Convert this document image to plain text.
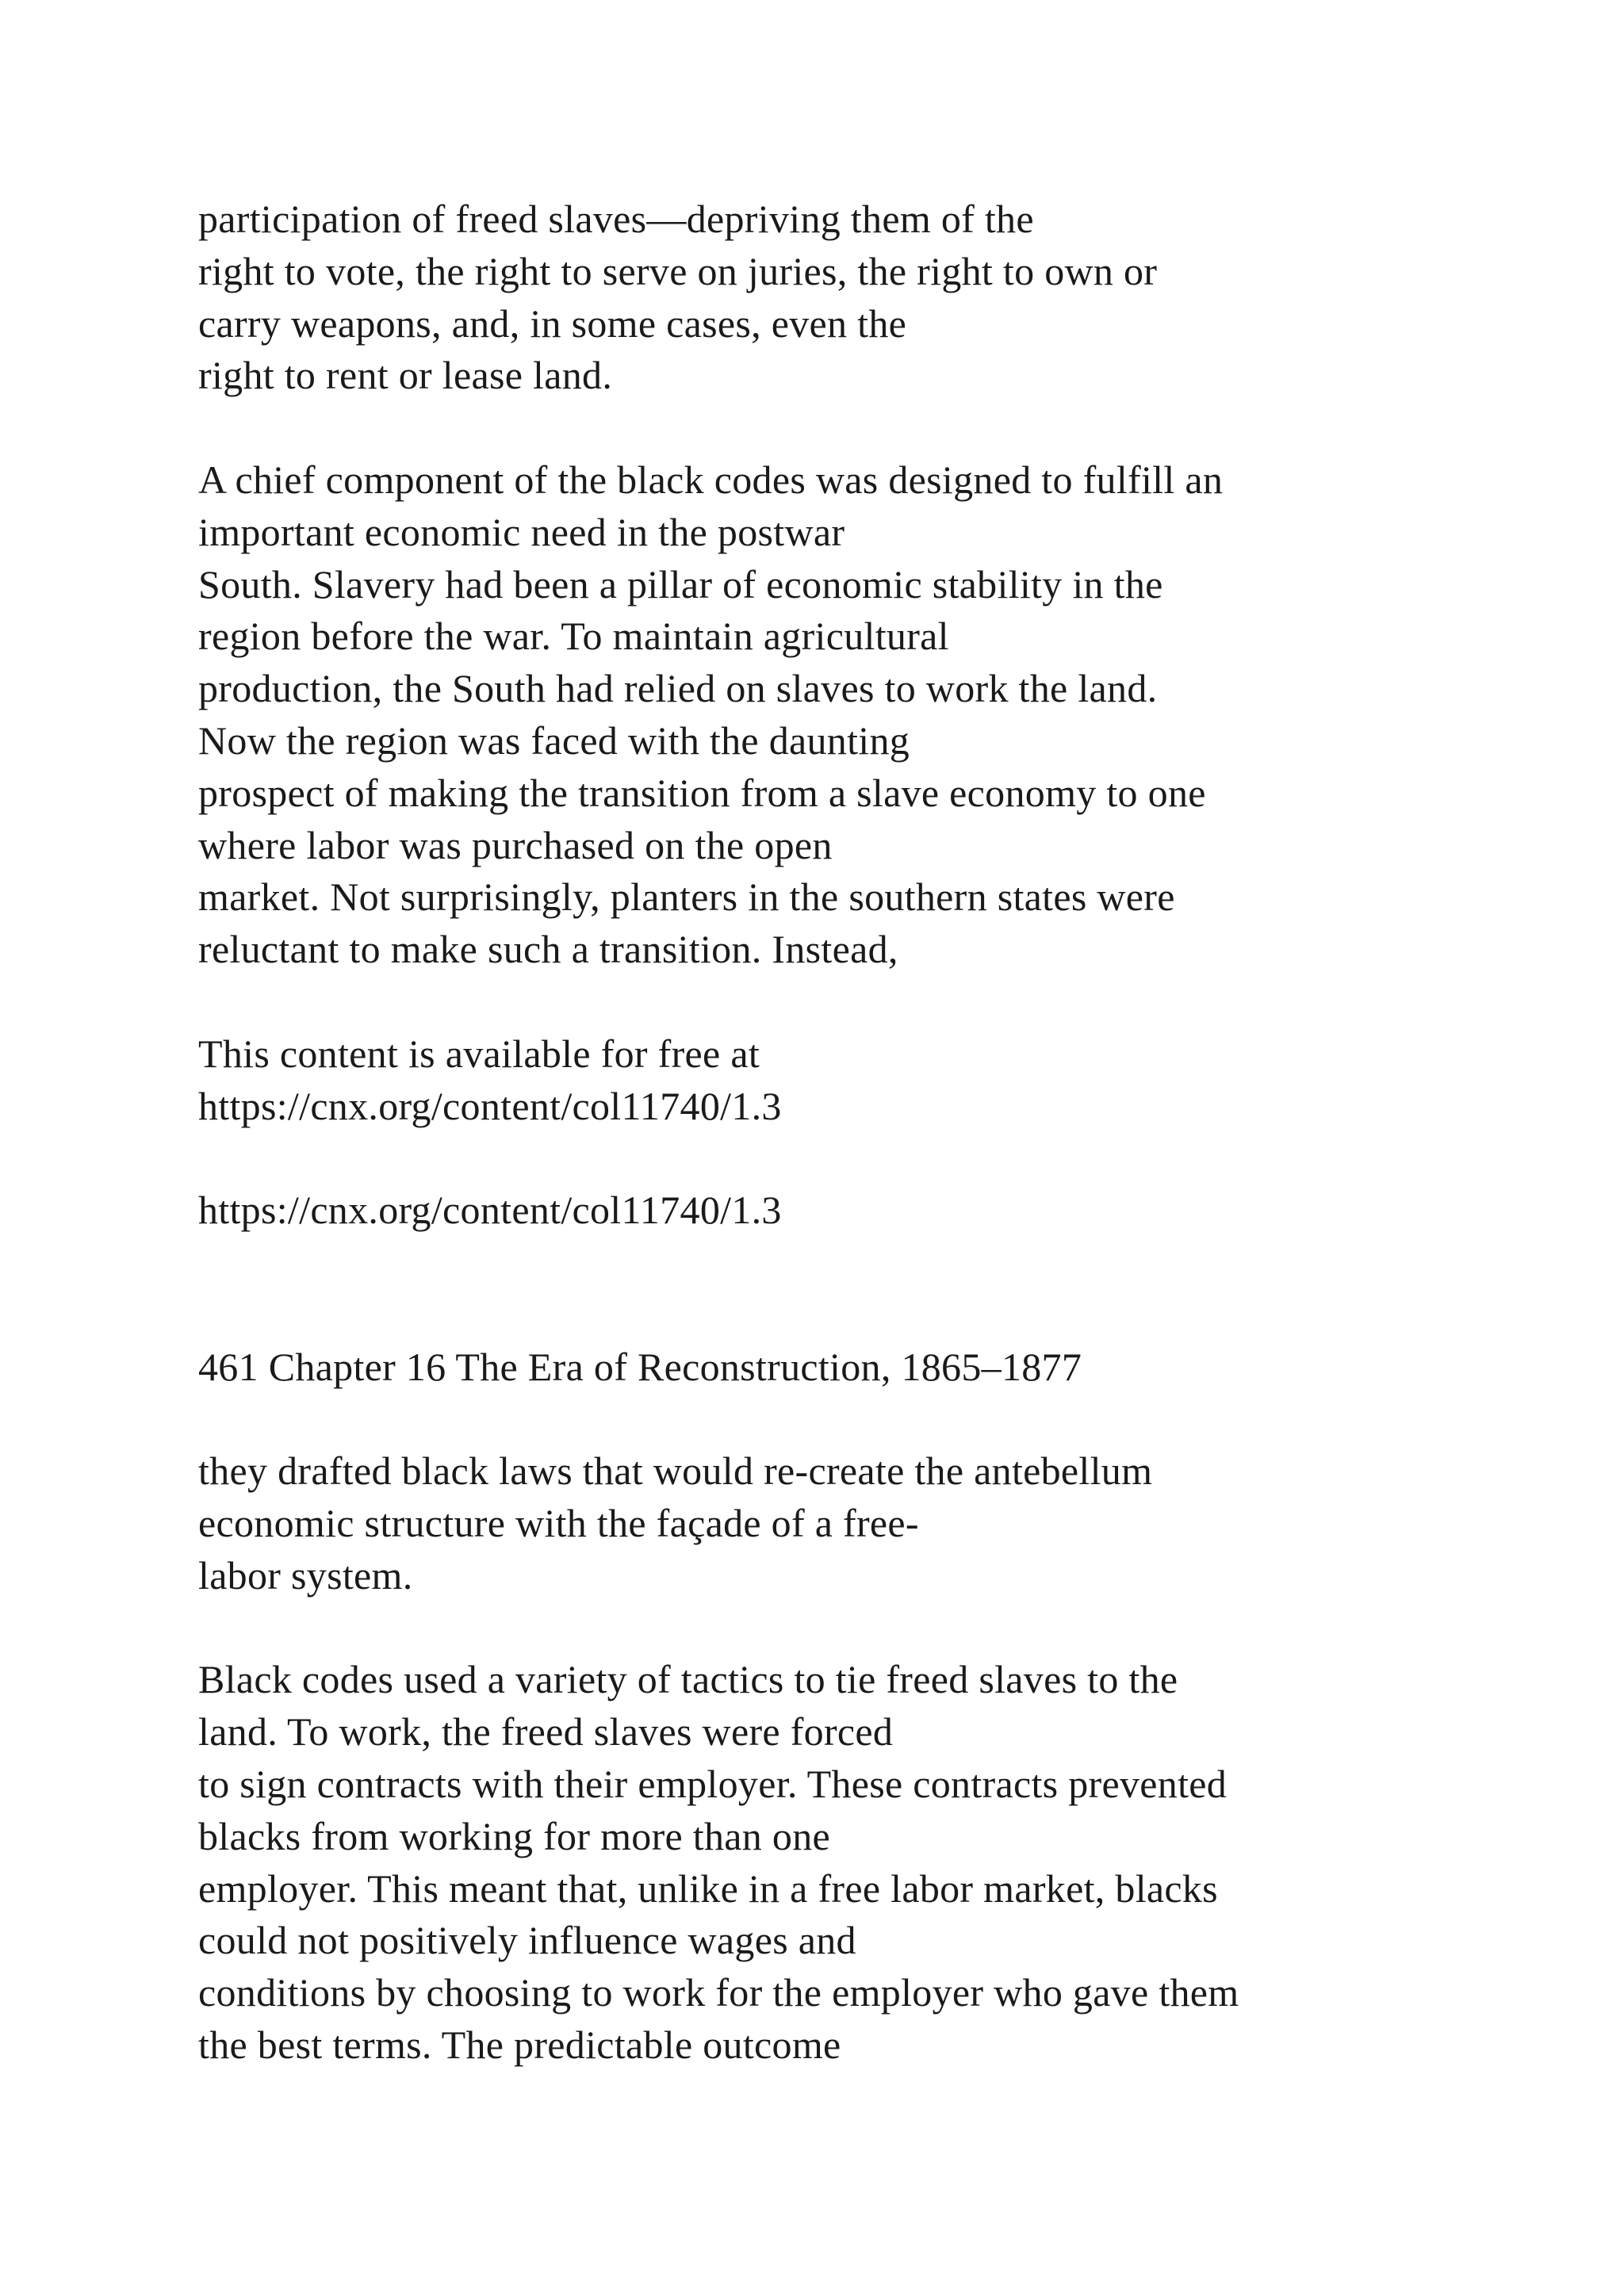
participation of freed slaves—depriving them of the
right to vote, the right to serve on juries, the right to own or
carry weapons, and, in some cases, even the
right to rent or lease land.
A chief component of the black codes was designed to fulfill an
important economic need in the postwar
South. Slavery had been a pillar of economic stability in the
region before the war. To maintain agricultural
production, the South had relied on slaves to work the land.
Now the region was faced with the daunting
prospect of making the transition from a slave economy to one
where labor was purchased on the open
market. Not surprisingly, planters in the southern states were
reluctant to make such a transition. Instead,
This content is available for free at
https://cnx.org/content/col11740/1.3
https://cnx.org/content/col11740/1.3
461 Chapter 16 The Era of Reconstruction, 1865–1877
they drafted black laws that would re-create the antebellum
economic structure with the façade of a free-
labor system.
Black codes used a variety of tactics to tie freed slaves to the
land. To work, the freed slaves were forced
to sign contracts with their employer. These contracts prevented
blacks from working for more than one
employer. This meant that, unlike in a free labor market, blacks
could not positively influence wages and
conditions by choosing to work for the employer who gave them
the best terms. The predictable outcome
